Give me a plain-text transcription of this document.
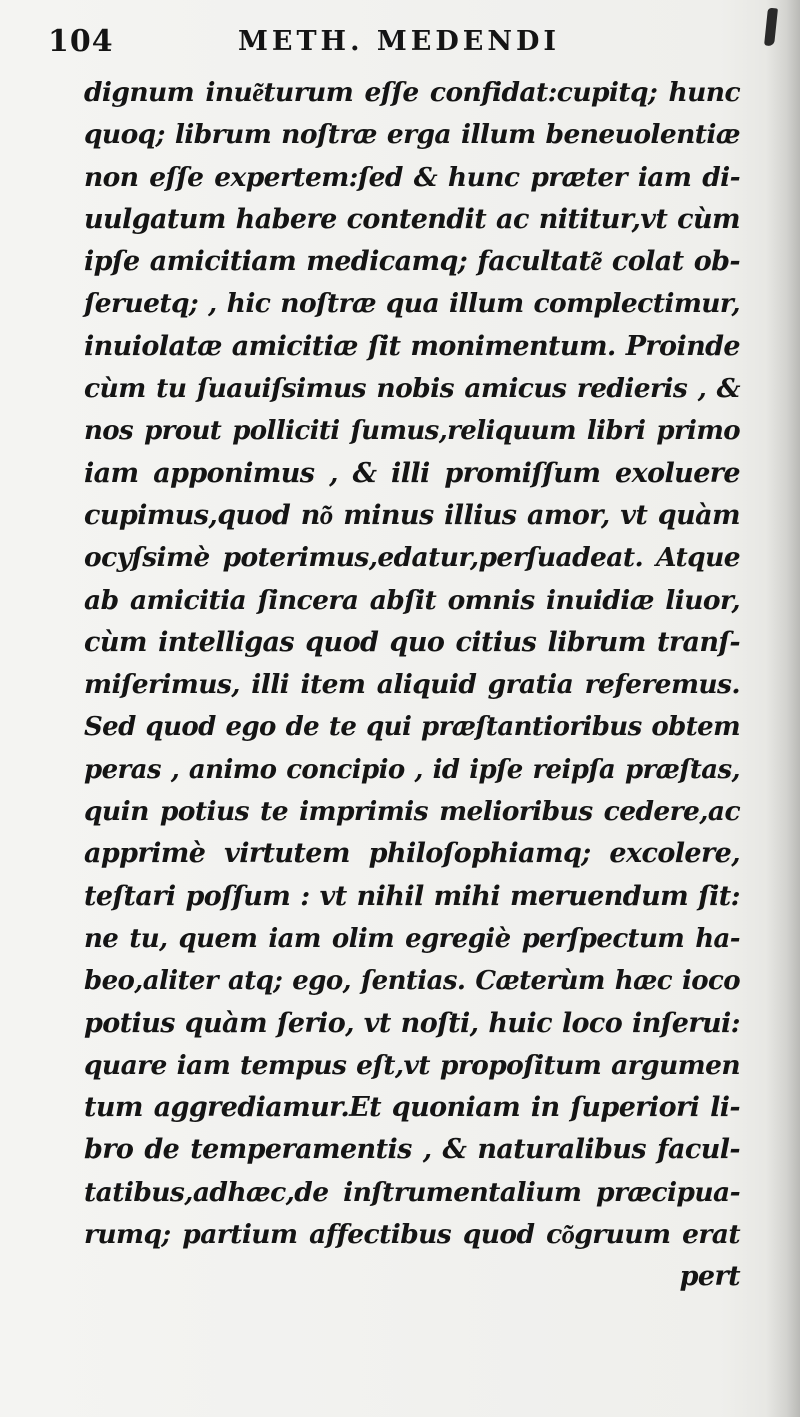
104	METH. MEDENDI
dignum inue͂turum eſſe confidat:cupitq; hunc
quoq; librum noſtræ erga illum beneuolentiæ
non eſſe expertem:ſed & hunc præter iam di-
uulgatum habere contendit ac nititur,vt cùm
ipſe amicitiam medicamq; facultate͂ colat ob-
ſeruetq; , hic noſtræ qua illum complectimur,
inuiolatæ amicitiæ ſit monimentum. Proinde
cùm tu ſuauiſsimus nobis amicus redieris , &
nos prout polliciti ſumus,reliquum libri primo
iam apponimus , & illi promiſſum exoluere
cupimus,quod no͂ minus illius amor, vt quàm
ocyſsimè poterimus,edatur,perſuadeat. Atque
ab amicitia ſincera abſit omnis inuidiæ liuor,
cùm intelligas quod quo citius librum tranſ-
miſerimus, illi item aliquid gratia referemus.
Sed quod ego de te qui præſtantioribus obtem
peras , animo concipio , id ipſe reipſa præſtas,
quin potius te imprimis melioribus cedere,ac
apprimè virtutem philoſophiamq; excolere,
teſtari poſſum : vt nihil mihi meruendum ſit:
ne tu, quem iam olim egregiè perſpectum ha-
beo,aliter atq; ego, ſentias. Cæterùm hæc ioco
potius quàm ſerio, vt noſti, huic loco inſerui:
quare iam tempus eſt,vt propoſitum argumen
tum aggrediamur.Et quoniam in ſuperiori li-
bro de temperamentis , & naturalibus facul-
tatibus,adhæc,de inſtrumentalium præcipua-
rumq; partium affectibus quod co͂gruum erat
pert
